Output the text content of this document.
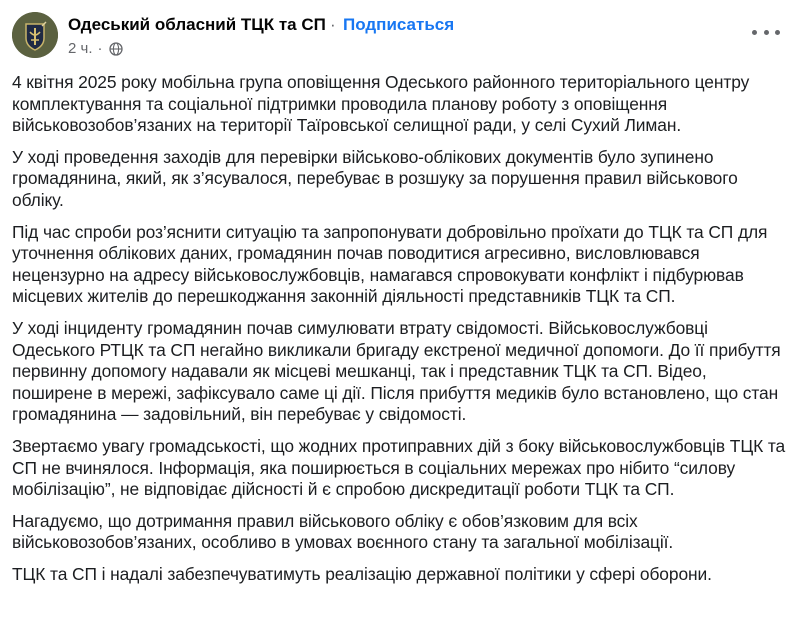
Одеський обласний ТЦК та СП · Подписаться
2 ч. ·

4 квітня 2025 року мобільна група оповіщення Одеського районного територіального центру комплектування та соціальної підтримки проводила планову роботу з оповіщення військовозобов’язаних на території Таїровської селищної ради, у селі Сухий Лиман.

У ході проведення заходів для перевірки військово-облікових документів було зупинено громадянина, який, як з’ясувалося, перебуває в розшуку за порушення правил військового обліку.

Під час спроби роз’яснити ситуацію та запропонувати добровільно проїхати до ТЦК та СП для уточнення облікових даних, громадянин почав поводитися агресивно, висловлювався нецензурно на адресу військовослужбовців, намагався спровокувати конфлікт і підбурював місцевих жителів до перешкоджання законній діяльності представників ТЦК та СП.

У ході інциденту громадянин почав симулювати втрату свідомості. Військовослужбовці Одеського РТЦК та СП негайно викликали бригаду екстреної медичної допомоги. До її прибуття первинну допомогу надавали як місцеві мешканці, так і представник ТЦК та СП. Відео, поширене в мережі, зафіксувало саме ці дії. Після прибуття медиків було встановлено, що стан громадянина — задовільний, він перебуває у свідомості.

Звертаємо увагу громадськості, що жодних протиправних дій з боку військовослужбовців ТЦК та СП не вчинялося. Інформація, яка поширюється в соціальних мережах про нібито “силову мобілізацію”, не відповідає дійсності й є спробою дискредитації роботи ТЦК та СП.

Нагадуємо, що дотримання правил військового обліку є обов’язковим для всіх військовозобов’язаних, особливо в умовах воєнного стану та загальної мобілізації.

ТЦК та СП і надалі забезпечуватимуть реалізацію державної політики у сфері оборони.
